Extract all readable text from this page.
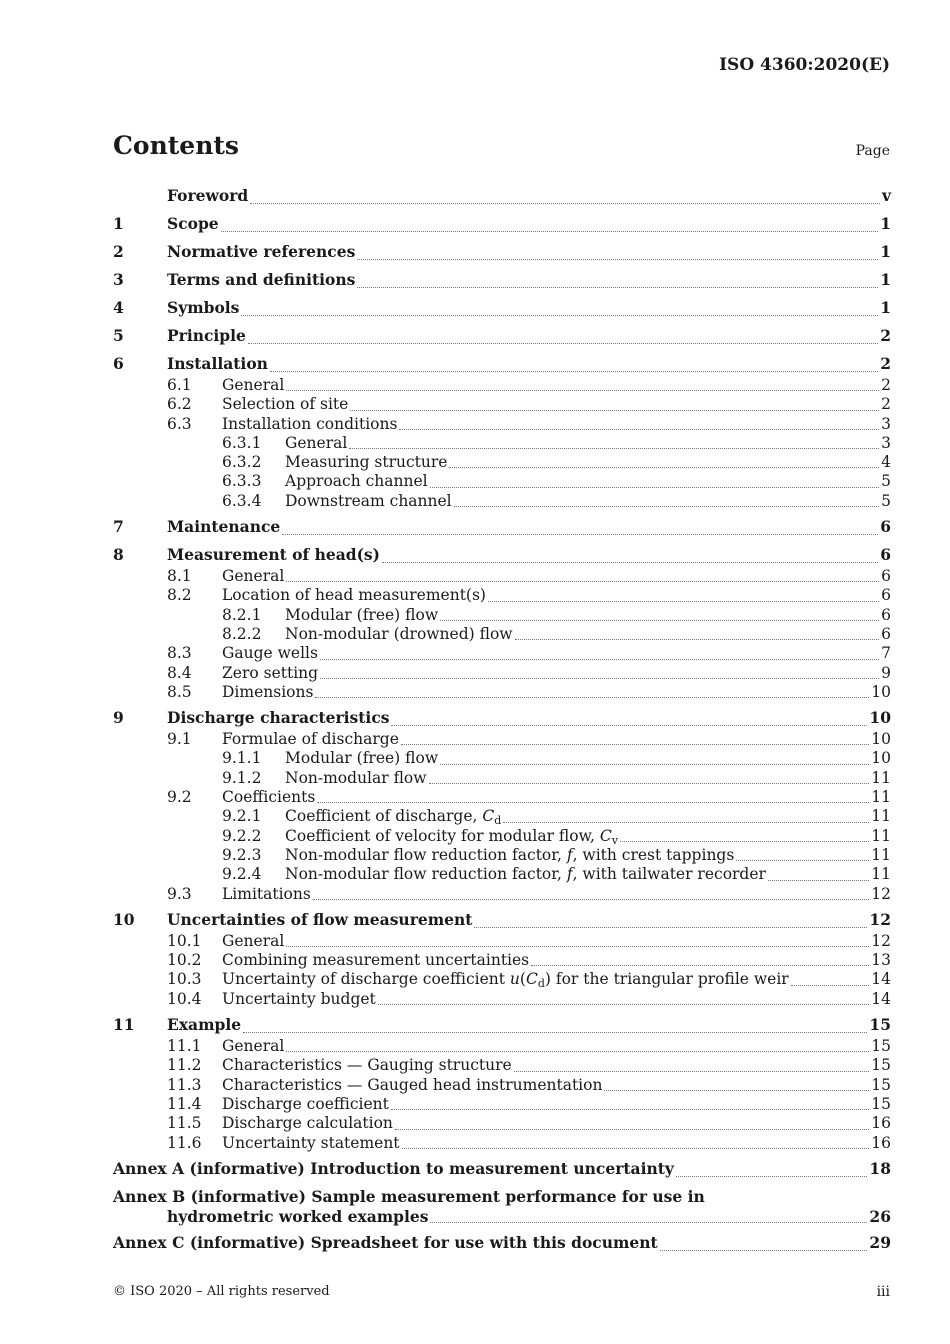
ISO 4360:2020(E)
Contents	Page
Foreword	v
1	Scope	1
2	Normative references	1
3	Terms and definitions	1
4	Symbols	1
5	Principle	2
6	Installation	2
6.1	General	2
6.2	Selection of site	2
6.3	Installation conditions	3
6.3.1	General	3
6.3.2	Measuring structure	4
6.3.3	Approach channel	5
6.3.4	Downstream channel	5
7	Maintenance	6
8	Measurement of head(s)	6
8.1	General	6
8.2	Location of head measurement(s)	6
8.2.1	Modular (free) flow	6
8.2.2	Non-modular (drowned) flow	6
8.3	Gauge wells	7
8.4	Zero setting	9
8.5	Dimensions	10
9	Discharge characteristics	10
9.1	Formulae of discharge	10
9.1.1	Modular (free) flow	10
9.1.2	Non-modular flow	11
9.2	Coefficients	11
9.2.1	Coefficient of discharge, $C_d$	11
9.2.2	Coefficient of velocity for modular flow, $C_v$	11
9.2.3	Non-modular flow reduction factor, f, with crest tappings	11
9.2.4	Non-modular flow reduction factor, f, with tailwater recorder	11
9.3	Limitations	12
10	Uncertainties of flow measurement	12
10.1	General	12
10.2	Combining measurement uncertainties	13
10.3	Uncertainty of discharge coefficient $u(C_d)$ for the triangular profile weir	14
10.4	Uncertainty budget	14
11	Example	15
11.1	General	15
11.2	Characteristics — Gauging structure	15
11.3	Characteristics — Gauged head instrumentation	15
11.4	Discharge coefficient	15
11.5	Discharge calculation	16
11.6	Uncertainty statement	16
Annex A (informative) Introduction to measurement uncertainty	18
Annex B (informative) Sample measurement performance for use in
hydrometric worked examples	26
Annex C (informative) Spreadsheet for use with this document	29
© ISO 2020 – All rights reserved	iii
